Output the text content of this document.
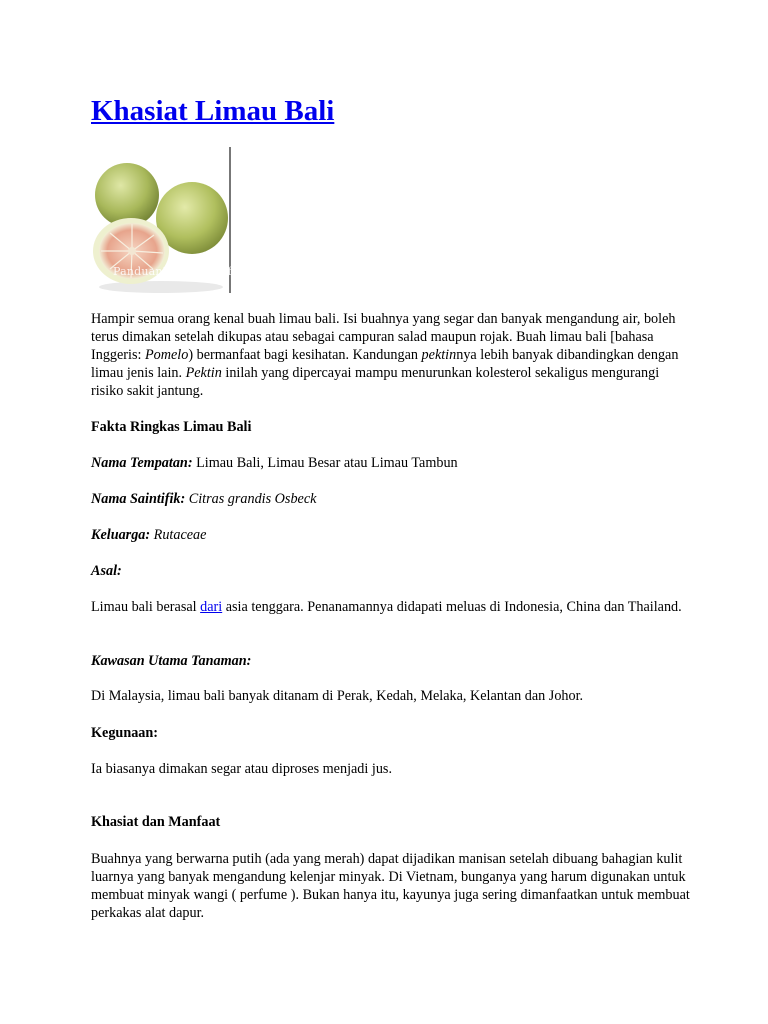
Khasiat Limau Bali
PanduanPercuma.info

Hampir semua orang kenal buah limau bali. Isi buahnya yang segar dan banyak mengandung air, boleh terus dimakan setelah dikupas atau sebagai campuran salad maupun rojak. Buah limau bali [bahasa Inggeris: Pomelo) bermanfaat bagi kesihatan. Kandungan pektinnya lebih banyak dibandingkan dengan limau jenis lain. Pektin inilah yang dipercayai mampu menurunkan kolesterol sekaligus mengurangi risiko sakit jantung.

Fakta Ringkas Limau Bali

Nama Tempatan: Limau Bali, Limau Besar atau Limau Tambun

Nama Saintifik: Citras grandis Osbeck

Keluarga: Rutaceae

Asal:

Limau bali berasal dari asia tenggara. Penanamannya didapati meluas di Indonesia, China dan Thailand.

Kawasan Utama Tanaman:

Di Malaysia, limau bali banyak ditanam di Perak, Kedah, Melaka, Kelantan dan Johor.

Kegunaan:

Ia biasanya dimakan segar atau diproses menjadi jus.

Khasiat dan Manfaat

Buahnya yang berwarna putih (ada yang merah) dapat dijadikan manisan setelah dibuang bahagian kulit luarnya yang banyak mengandung kelenjar minyak. Di Vietnam, bunganya yang harum digunakan untuk membuat minyak wangi ( perfume ). Bukan hanya itu, kayunya juga sering dimanfaatkan untuk membuat perkakas alat dapur.
